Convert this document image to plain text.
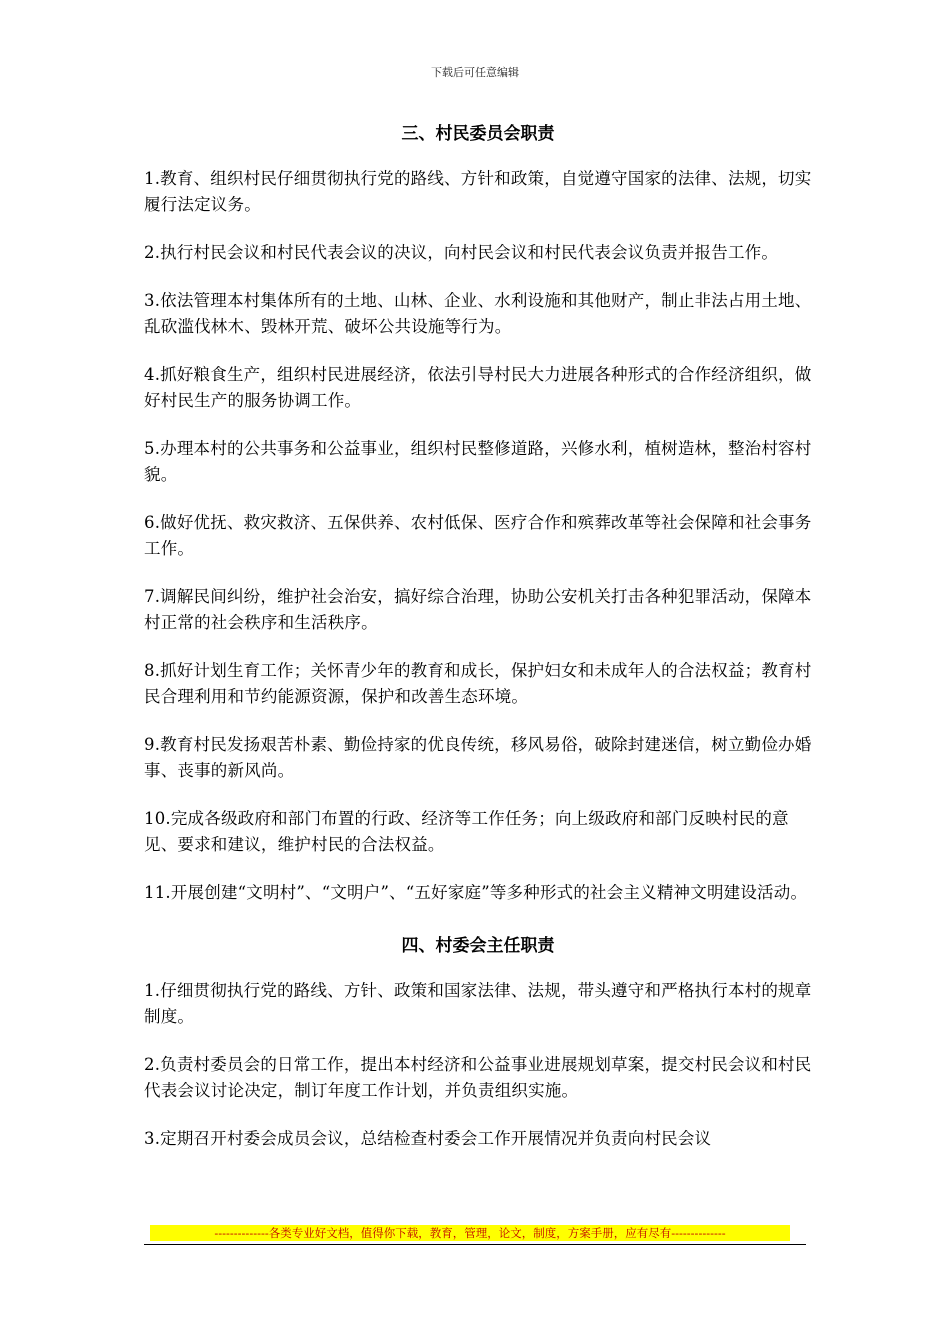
下载后可任意编辑
三、村民委员会职责

1.教育、组织村民仔细贯彻执行党的路线、方针和政策，自觉遵守国家的法律、法规，切实履行法定议务。

2.执行村民会议和村民代表会议的决议，向村民会议和村民代表会议负责并报告工作。

3.依法管理本村集体所有的土地、山林、企业、水利设施和其他财产，制止非法占用土地、乱砍滥伐林木、毁林开荒、破坏公共设施等行为。

4.抓好粮食生产，组织村民进展经济，依法引导村民大力进展各种形式的合作经济组织，做好村民生产的服务协调工作。

5.办理本村的公共事务和公益事业，组织村民整修道路，兴修水利，植树造林，整治村容村貌。

6.做好优抚、救灾救济、五保供养、农村低保、医疗合作和殡葬改革等社会保障和社会事务工作。

7.调解民间纠纷，维护社会治安，搞好综合治理，协助公安机关打击各种犯罪活动，保障本村正常的社会秩序和生活秩序。

8.抓好计划生育工作；关怀青少年的教育和成长，保护妇女和未成年人的合法权益；教育村民合理利用和节约能源资源，保护和改善生态环境。

9.教育村民发扬艰苦朴素、勤俭持家的优良传统，移风易俗，破除封建迷信，树立勤俭办婚事、丧事的新风尚。

10.完成各级政府和部门布置的行政、经济等工作任务；向上级政府和部门反映村民的意见、要求和建议，维护村民的合法权益。

11.开展创建“文明村”、“文明户”、“五好家庭”等多种形式的社会主义精神文明建设活动。

四、村委会主任职责

1.仔细贯彻执行党的路线、方针、政策和国家法律、法规，带头遵守和严格执行本村的规章制度。

2.负责村委员会的日常工作，提出本村经济和公益事业进展规划草案，提交村民会议和村民代表会议讨论决定，制订年度工作计划，并负责组织实施。

3.定期召开村委会成员会议，总结检查村委会工作开展情况并负责向村民会议

--------------各类专业好文档，值得你下载，教育，管理，论文，制度，方案手册，应有尽有--------------
